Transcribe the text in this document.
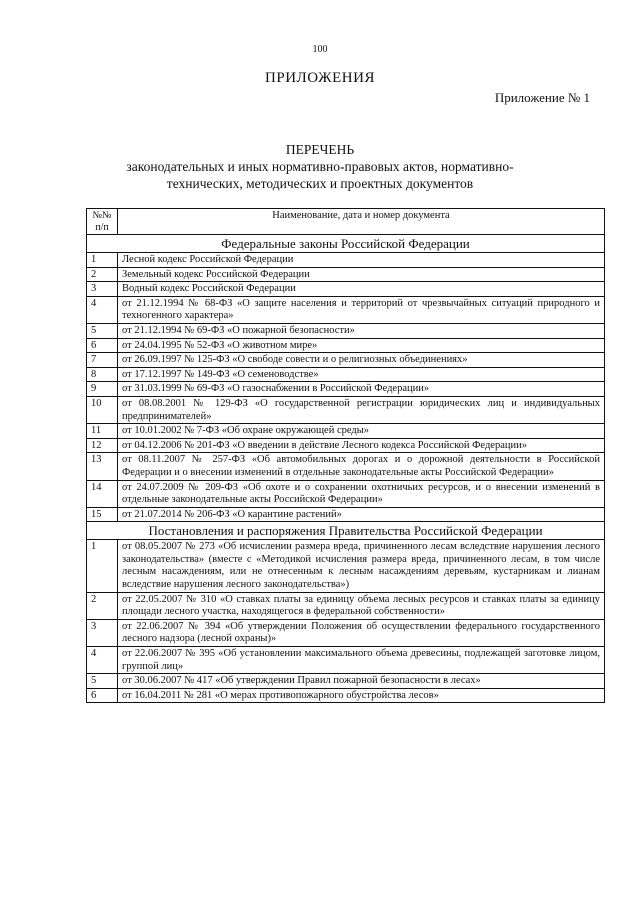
100
ПРИЛОЖЕНИЯ
Приложение № 1
ПЕРЕЧЕНЬ
законодательных и иных нормативно-правовых актов, нормативно-
технических, методических и проектных документов
№№
п/п	Наименование, дата и номер документа
Федеральные законы Российской Федерации	
1	Лесной кодекс Российской Федерации
2	Земельный кодекс Российской Федерации
3	Водный кодекс Российской Федерации
4	от 21.12.1994 № 68-ФЗ «О защите населения и территорий от чрезвычайных ситуаций природного и техногенного характера»
5	от 21.12.1994 № 69-ФЗ «О пожарной безопасности»
6	от 24.04.1995 № 52-ФЗ «О животном мире»
7	от 26.09.1997 № 125-ФЗ «О свободе совести и о религиозных объединениях»
8	от 17.12.1997 № 149-ФЗ «О семеноводстве»
9	от 31.03.1999 № 69-ФЗ «О газоснабжении в Российской Федерации»
10	от 08.08.2001 № 129-ФЗ «О государственной регистрации юридических лиц и индивидуальных предпринимателей»
11	от 10.01.2002 № 7-ФЗ «Об охране окружающей среды»
12	от 04.12.2006 № 201-ФЗ «О введении в действие Лесного кодекса Российской Федерации»
13	от 08.11.2007 № 257-ФЗ «Об автомобильных дорогах и о дорожной деятельности в Российской Федерации и о внесении изменений в отдельные законодательные акты Российской Федерации»
14	от 24.07.2009 № 209-ФЗ «Об охоте и о сохранении охотничьих ресурсов, и о внесении изменений в отдельные законодательные акты Российской Федерации»
15	от 21.07.2014 № 206-ФЗ «О карантине растений»
Постановления и распоряжения Правительства Российской Федерации	
1	от 08.05.2007 № 273 «Об исчислении размера вреда, причиненного лесам вследствие нарушения лесного законодательства» (вместе с «Методикой исчисления размера вреда, причиненного лесам, в том числе лесным насаждениям, или не отнесенным к лесным насаждениям деревьям, кустарникам и лианам вследствие нарушения лесного законодательства»)
2	от 22.05.2007 № 310 «О ставках платы за единицу объема лесных ресурсов и ставках платы за единицу площади лесного участка, находящегося в федеральной собственности»
3	от 22.06.2007 № 394 «Об утверждении Положения об осуществлении федерального государственного лесного надзора (лесной охраны)»
4	от 22.06.2007 № 395 «Об установлении максимального объема древесины, подлежащей заготовке лицом, группой лиц»
5	от 30.06.2007 № 417 «Об утверждении Правил пожарной безопасности в лесах»
6	от 16.04.2011 № 281 «О мерах противопожарного обустройства лесов»
